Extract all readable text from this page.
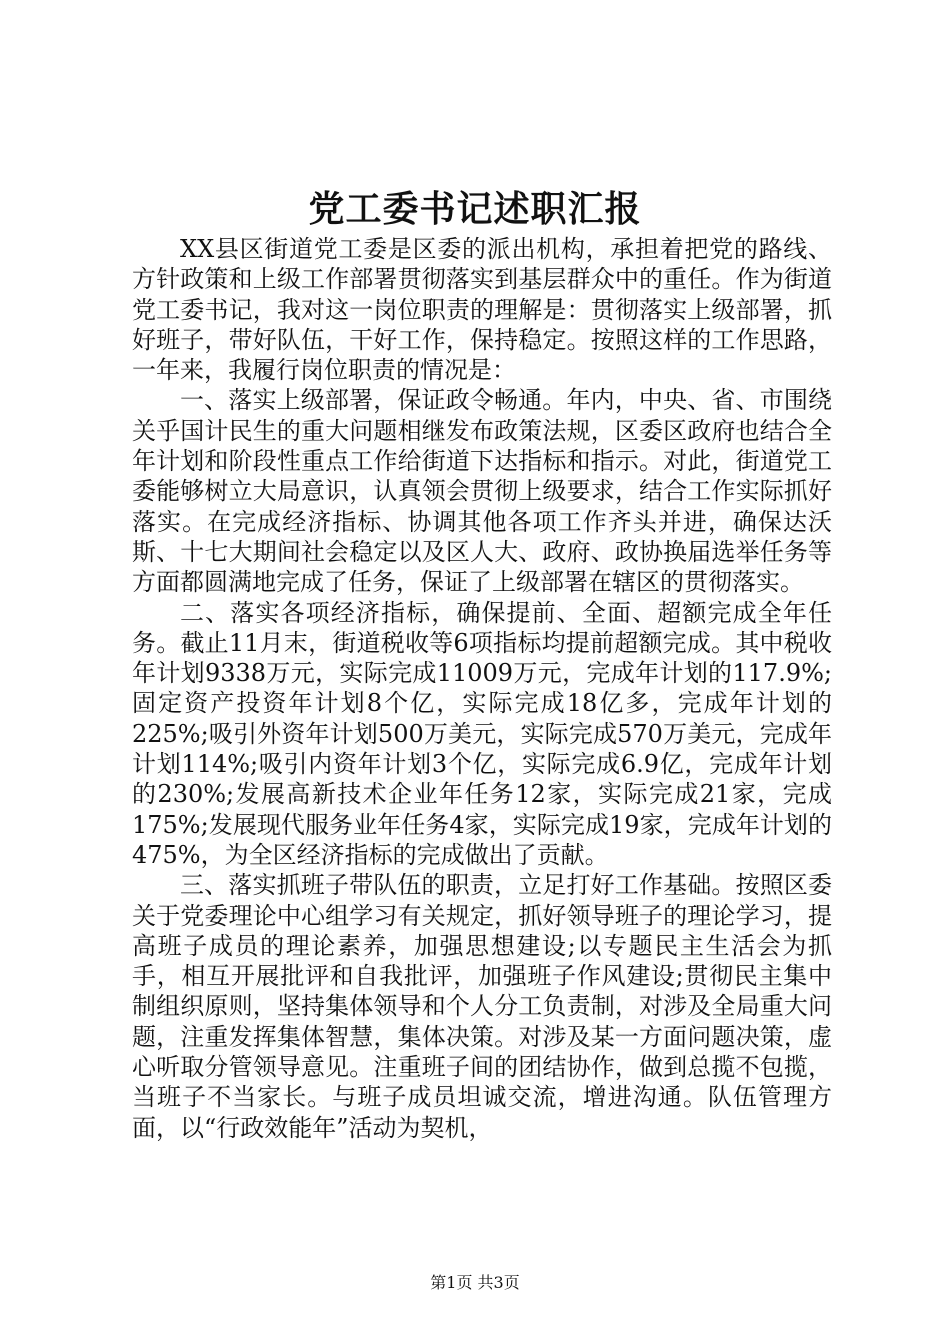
党工委书记述职汇报

XX县区街道党工委是区委的派出机构，承担着把党的路线、方针政策和上级工作部署贯彻落实到基层群众中的重任。作为街道党工委书记，我对这一岗位职责的理解是：贯彻落实上级部署，抓好班子，带好队伍，干好工作，保持稳定。按照这样的工作思路，一年来，我履行岗位职责的情况是：

一、落实上级部署，保证政令畅通。年内，中央、省、市围绕关乎国计民生的重大问题相继发布政策法规，区委区政府也结合全年计划和阶段性重点工作给街道下达指标和指示。对此，街道党工委能够树立大局意识，认真领会贯彻上级要求，结合工作实际抓好落实。在完成经济指标、协调其他各项工作齐头并进，确保达沃斯、十七大期间社会稳定以及区人大、政府、政协换届选举任务等方面都圆满地完成了任务，保证了上级部署在辖区的贯彻落实。

二、落实各项经济指标，确保提前、全面、超额完成全年任务。截止11月末，街道税收等6项指标均提前超额完成。其中税收年计划9338万元，实际完成11009万元，完成年计划的117.9%;固定资产投资年计划8个亿，实际完成18亿多，完成年计划的225%;吸引外资年计划500万美元，实际完成570万美元，完成年计划114%;吸引内资年计划3个亿，实际完成6.9亿，完成年计划的230%;发展高新技术企业年任务12家，实际完成21家，完成175%;发展现代服务业年任务4家，实际完成19家，完成年计划的475%，为全区经济指标的完成做出了贡献。

三、落实抓班子带队伍的职责，立足打好工作基础。按照区委关于党委理论中心组学习有关规定，抓好领导班子的理论学习，提高班子成员的理论素养，加强思想建设;以专题民主生活会为抓手，相互开展批评和自我批评，加强班子作风建设;贯彻民主集中制组织原则，坚持集体领导和个人分工负责制，对涉及全局重大问题，注重发挥集体智慧，集体决策。对涉及某一方面问题决策，虚心听取分管领导意见。注重班子间的团结协作，做到总揽不包揽，当班子不当家长。与班子成员坦诚交流，增进沟通。队伍管理方面，以“行政效能年”活动为契机，

第1页 共3页
